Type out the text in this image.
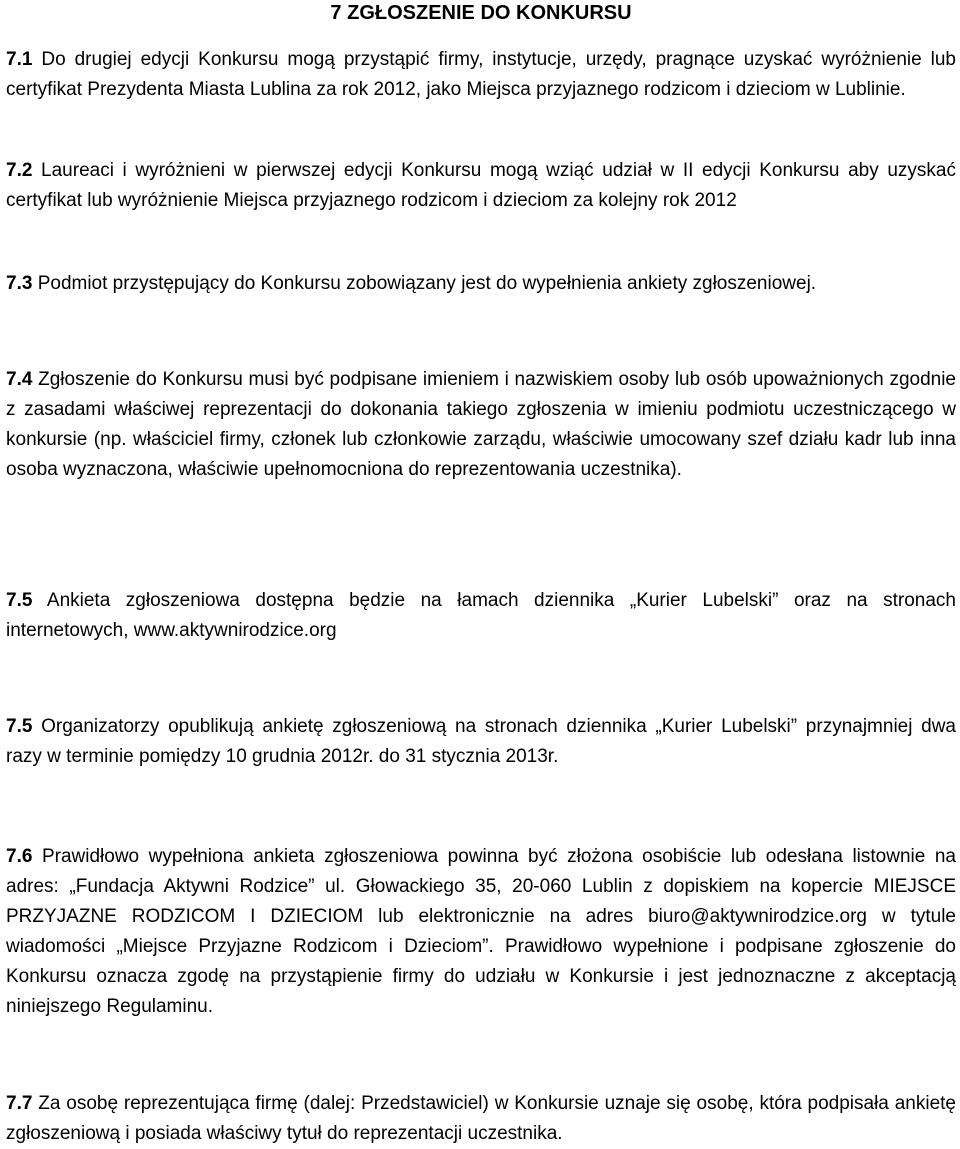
7 ZGŁOSZENIE DO KONKURSU

7.1 Do drugiej edycji Konkursu mogą przystąpić firmy, instytucje, urzędy, pragnące uzyskać wyróżnienie lub certyfikat Prezydenta Miasta Lublina za rok 2012, jako Miejsca przyjaznego rodzicom i dzieciom w Lublinie.

7.2 Laureaci i wyróżnieni w pierwszej edycji Konkursu mogą wziąć udział w II edycji Konkursu aby uzyskać certyfikat lub wyróżnienie Miejsca przyjaznego rodzicom i dzieciom za kolejny rok 2012

7.3 Podmiot przystępujący do Konkursu zobowiązany jest do wypełnienia ankiety zgłoszeniowej.

7.4 Zgłoszenie do Konkursu musi być podpisane imieniem i nazwiskiem osoby lub osób upoważnionych zgodnie z zasadami właściwej reprezentacji do dokonania takiego zgłoszenia w imieniu podmiotu uczestniczącego w konkursie (np. właściciel firmy, członek lub członkowie zarządu, właściwie umocowany szef działu kadr lub inna osoba wyznaczona, właściwie upełnomocniona do reprezentowania uczestnika).

7.5 Ankieta zgłoszeniowa dostępna będzie na łamach dziennika „Kurier Lubelski” oraz na stronach internetowych, www.aktywnirodzice.org

7.5 Organizatorzy opublikują ankietę zgłoszeniową na stronach dziennika „Kurier Lubelski” przynajmniej dwa razy w terminie pomiędzy 10 grudnia 2012r. do 31 stycznia 2013r.

7.6 Prawidłowo wypełniona ankieta zgłoszeniowa powinna być złożona osobiście lub odesłana listownie na adres: „Fundacja Aktywni Rodzice” ul. Głowackiego 35, 20-060 Lublin z dopiskiem na kopercie MIEJSCE PRZYJAZNE RODZICOM I DZIECIOM lub elektronicznie na adres biuro@aktywnirodzice.org w tytule wiadomości „Miejsce Przyjazne Rodzicom i Dzieciom”. Prawidłowo wypełnione i podpisane zgłoszenie do Konkursu oznacza zgodę na przystąpienie firmy do udziału w Konkursie i jest jednoznaczne z akceptacją niniejszego Regulaminu.

7.7 Za osobę reprezentująca firmę (dalej: Przedstawiciel) w Konkursie uznaje się osobę, która podpisała ankietę zgłoszeniową i posiada właściwy tytuł do reprezentacji uczestnika.
